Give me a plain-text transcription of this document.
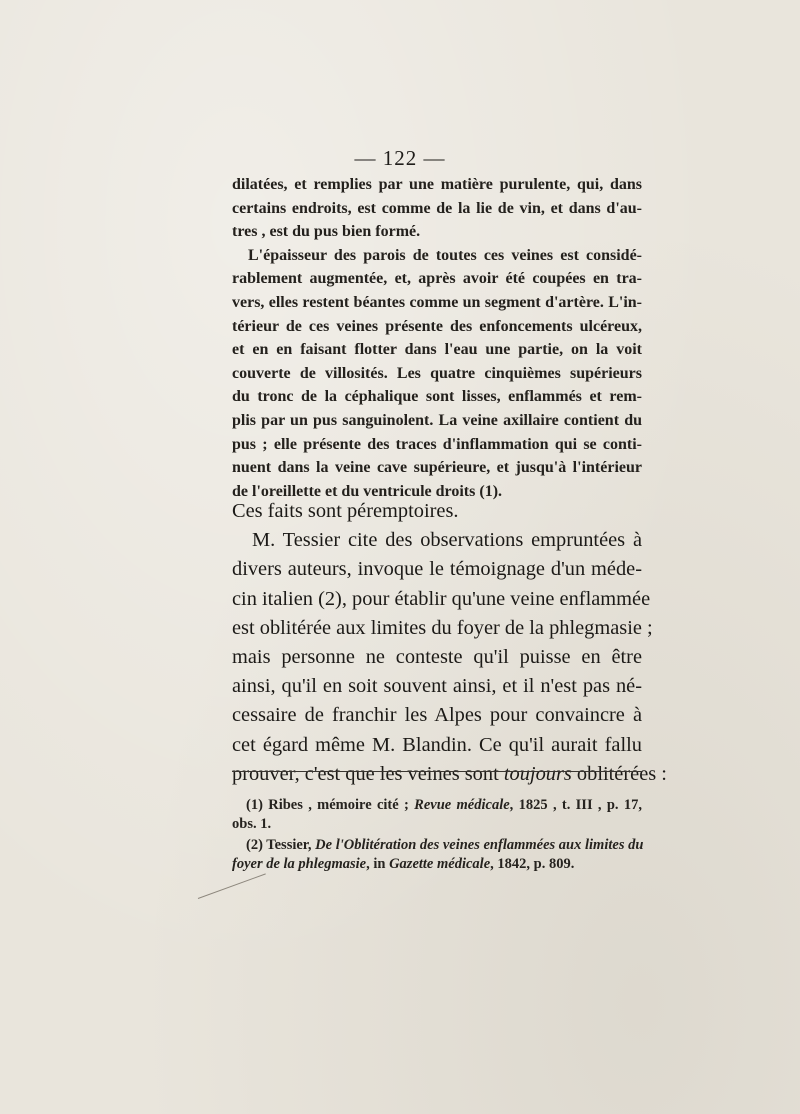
— 122 —
dilatées, et remplies par une matière purulente, qui, dans
certains endroits, est comme de la lie de vin, et dans d'au-
tres , est du pus bien formé.
L'épaisseur des parois de toutes ces veines est considé-
rablement augmentée, et, après avoir été coupées en tra-
vers, elles restent béantes comme un segment d'artère. L'in-
térieur de ces veines présente des enfoncements ulcéreux,
et en en faisant flotter dans l'eau une partie, on la voit
couverte de villosités. Les quatre cinquièmes supérieurs
du tronc de la céphalique sont lisses, enflammés et rem-
plis par un pus sanguinolent. La veine axillaire contient du
pus ; elle présente des traces d'inflammation qui se conti-
nuent dans la veine cave supérieure, et jusqu'à l'intérieur
de l'oreillette et du ventricule droits (1).
Ces faits sont péremptoires.
M. Tessier cite des observations empruntées à
divers auteurs, invoque le témoignage d'un méde-
cin italien (2), pour établir qu'une veine enflammée
est oblitérée aux limites du foyer de la phlegmasie ;
mais personne ne conteste qu'il puisse en être
ainsi, qu'il en soit souvent ainsi, et il n'est pas né-
cessaire de franchir les Alpes pour convaincre à
cet égard même M. Blandin. Ce qu'il aurait fallu
prouver, c'est que les veines sont toujours oblitérées :
(1) Ribes , mémoire cité ; Revue médicale, 1825 , t. III , p. 17,
obs. 1.
(2) Tessier, De l'Oblitération des veines enflammées aux limites du
foyer de la phlegmasie, in Gazette médicale, 1842, p. 809.
